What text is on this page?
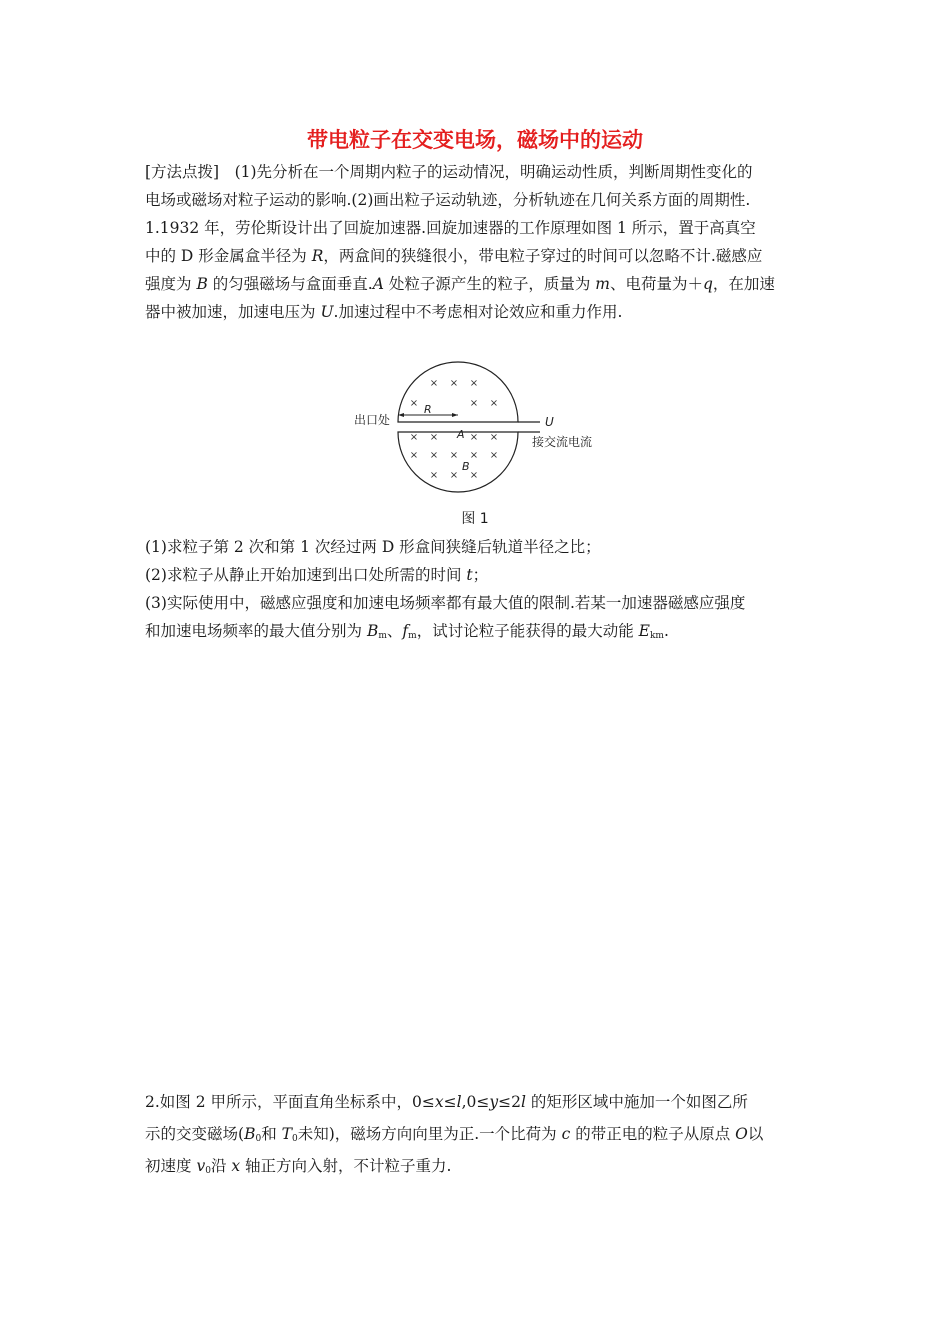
带电粒子在交变电场，磁场中的运动
[方法点拨]　(1)先分析在一个周期内粒子的运动情况，明确运动性质，判断周期性变化的
电场或磁场对粒子运动的影响.(2)画出粒子运动轨迹，分析轨迹在几何关系方面的周期性.
1.1932 年，劳伦斯设计出了回旋加速器.回旋加速器的工作原理如图 1 所示，置于高真空
中的 D 形金属盒半径为 R，两盒间的狭缝很小，带电粒子穿过的时间可以忽略不计.磁感应
强度为 B 的匀强磁场与盒面垂直.A 处粒子源产生的粒子，质量为 m、电荷量为＋q，在加速
器中被加速，加速电压为 U.加速过程中不考虑相对论效应和重力作用.
× × ×
×	× ×
× ×	× ×
× × × × ×
× × ×
出口处	U
接交流电流
R
A
B
图 1
(1)求粒子第 2 次和第 1 次经过两 D 形盒间狭缝后轨道半径之比；
(2)求粒子从静止开始加速到出口处所需的时间 t；
(3)实际使用中，磁感应强度和加速电场频率都有最大值的限制.若某一加速器磁感应强度
和加速电场频率的最大值分别为 $B_m$、$f_m$，试讨论粒子能获得的最大动能 $E_{km}$.
2.如图 2 甲所示，平面直角坐标系中，0≤x≤l,0≤y≤2l 的矩形区域中施加一个如图乙所
示的交变磁场($B_0$和 $T_0$未知)，磁场方向向里为正.一个比荷为 c 的带正电的粒子从原点 O以
初速度 $v_0$沿 x 轴正方向入射，不计粒子重力.
